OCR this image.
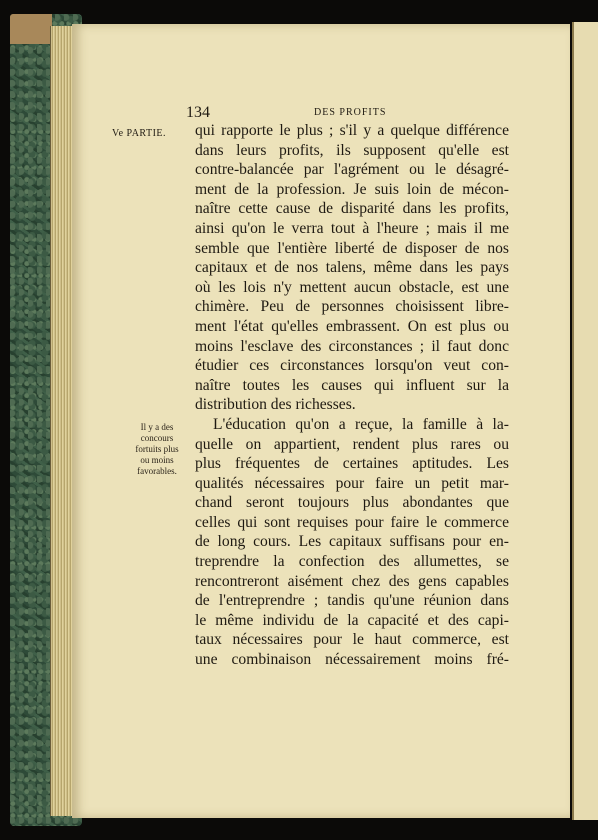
134	DES PROFITS
Ve PARTIE.
Il y a des
concours
fortuits plus
ou moins
favorables.
qui rapporte le plus ; s'il y a quelque différence
dans leurs profits, ils supposent qu'elle est
contre-balancée par l'agrément ou le désagré-
ment de la profession. Je suis loin de mécon-
naître cette cause de disparité dans les profits,
ainsi qu'on le verra tout à l'heure ; mais il me
semble que l'entière liberté de disposer de nos
capitaux et de nos talens, même dans les pays
où les lois n'y mettent aucun obstacle, est une
chimère. Peu de personnes choisissent libre-
ment l'état qu'elles embrassent. On est plus ou
moins l'esclave des circonstances ; il faut donc
étudier ces circonstances lorsqu'on veut con-
naître toutes les causes qui influent sur la
distribution des richesses.
L'éducation qu'on a reçue, la famille à la-
quelle on appartient, rendent plus rares ou
plus fréquentes de certaines aptitudes. Les
qualités nécessaires pour faire un petit mar-
chand seront toujours plus abondantes que
celles qui sont requises pour faire le commerce
de long cours. Les capitaux suffisans pour en-
treprendre la confection des allumettes, se
rencontreront aisément chez des gens capables
de l'entreprendre ; tandis qu'une réunion dans
le même individu de la capacité et des capi-
taux nécessaires pour le haut commerce, est
une combinaison nécessairement moins fré-
